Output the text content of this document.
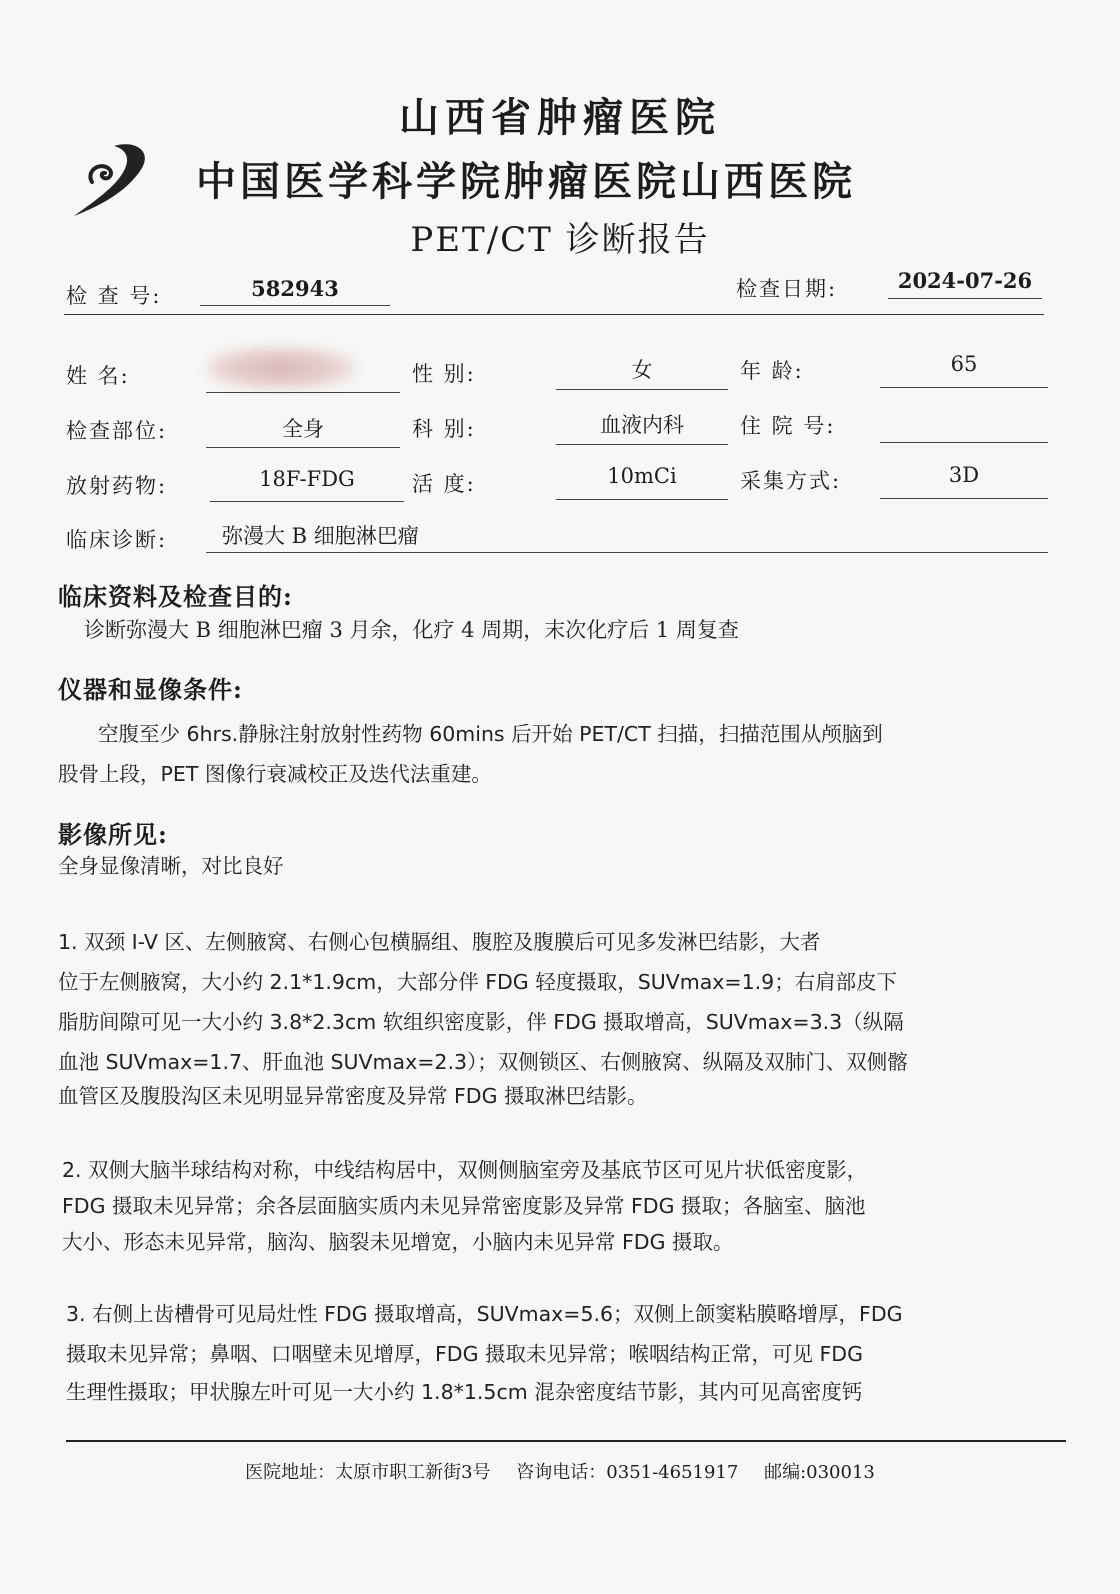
山西省肿瘤医院
中国医学科学院肿瘤医院山西医院
PET/CT 诊断报告
检 查 号:	582943	检查日期:	2024-07-26
姓 名:	性 别:	女	年 龄:	65
检查部位:	全身	科 别:	血液内科	住 院 号:
放射药物:	18F-FDG	活 度:	10mCi	采集方式:	3D
临床诊断:	弥漫大 B 细胞淋巴瘤
临床资料及检查目的:
诊断弥漫大 B 细胞淋巴瘤 3 月余，化疗 4 周期，末次化疗后 1 周复查
仪器和显像条件:
空腹至少 6hrs.静脉注射放射性药物 60mins 后开始 PET/CT 扫描，扫描范围从颅脑到
股骨上段，PET 图像行衰减校正及迭代法重建。
影像所见:
全身显像清晰，对比良好
1. 双颈 I-V 区、左侧腋窝、右侧心包横膈组、腹腔及腹膜后可见多发淋巴结影，大者
位于左侧腋窝，大小约 2.1*1.9cm，大部分伴 FDG 轻度摄取，SUVmax=1.9；右肩部皮下
脂肪间隙可见一大小约 3.8*2.3cm 软组织密度影，伴 FDG 摄取增高，SUVmax=3.3（纵隔
血池 SUVmax=1.7、肝血池 SUVmax=2.3）；双侧锁区、右侧腋窝、纵隔及双肺门、双侧髂
血管区及腹股沟区未见明显异常密度及异常 FDG 摄取淋巴结影。
2. 双侧大脑半球结构对称，中线结构居中，双侧侧脑室旁及基底节区可见片状低密度影，
FDG 摄取未见异常；余各层面脑实质内未见异常密度影及异常 FDG 摄取；各脑室、脑池
大小、形态未见异常，脑沟、脑裂未见增宽，小脑内未见异常 FDG 摄取。
3. 右侧上齿槽骨可见局灶性 FDG 摄取增高，SUVmax=5.6；双侧上颌窦粘膜略增厚，FDG
摄取未见异常；鼻咽、口咽壁未见增厚，FDG 摄取未见异常；喉咽结构正常，可见 FDG
生理性摄取；甲状腺左叶可见一大小约 1.8*1.5cm 混杂密度结节影，其内可见高密度钙
医院地址：太原市职工新街3号 咨询电话：0351-4651917 邮编:030013
